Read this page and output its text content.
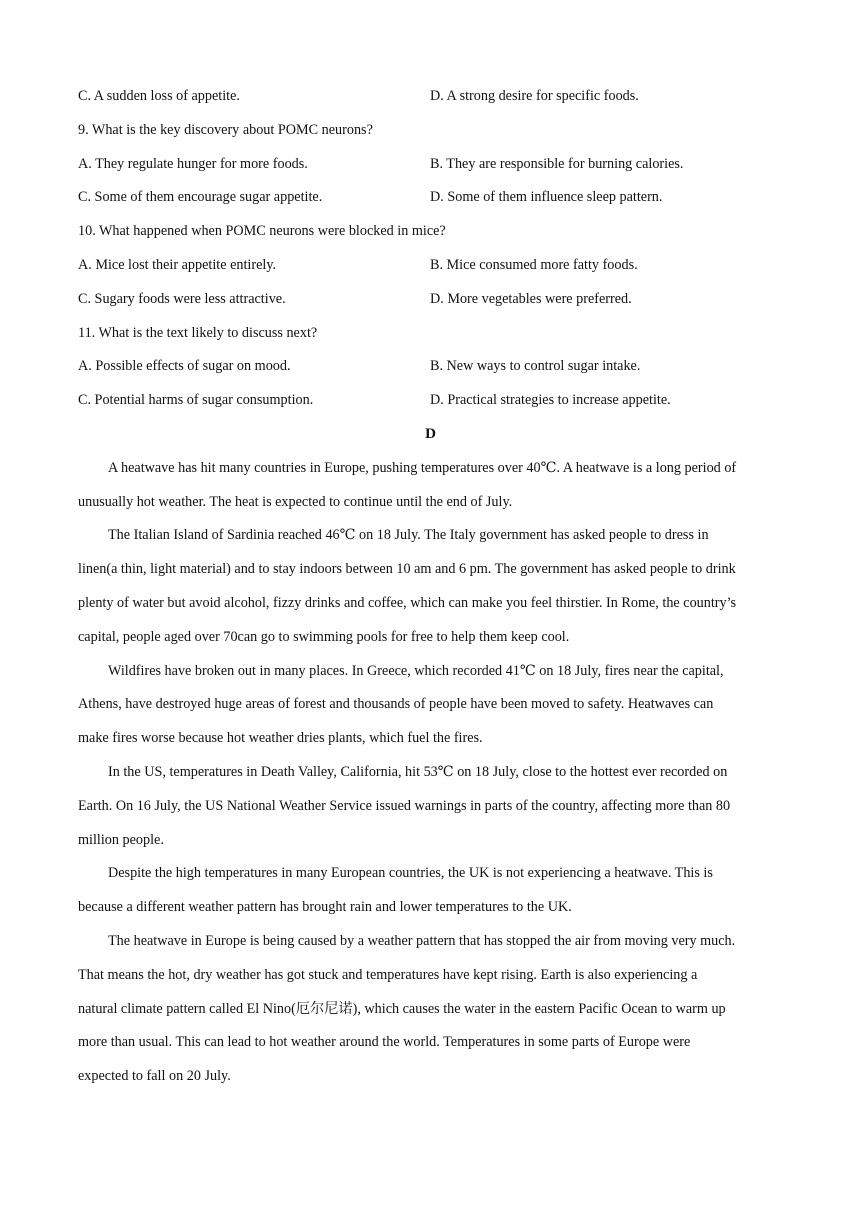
C. A sudden loss of appetite.	D. A strong desire for specific foods.
9. What is the key discovery about POMC neurons?
A. They regulate hunger for more foods.	B. They are responsible for burning calories.
C. Some of them encourage sugar appetite.	D. Some of them influence sleep pattern.
10. What happened when POMC neurons were blocked in mice?
A. Mice lost their appetite entirely.	B. Mice consumed more fatty foods.
C. Sugary foods were less attractive.	D. More vegetables were preferred.
11. What is the text likely to discuss next?
A. Possible effects of sugar on mood.	B. New ways to control sugar intake.
C. Potential harms of sugar consumption.	D. Practical strategies to increase appetite.
D
A heatwave has hit many countries in Europe, pushing temperatures over 40℃. A heatwave is a long period of
unusually hot weather. The heat is expected to continue until the end of July.
The Italian Island of Sardinia reached 46℃ on 18 July. The Italy government has asked people to dress in
linen(a thin, light material) and to stay indoors between 10 am and 6 pm. The government has asked people to drink
plenty of water but avoid alcohol, fizzy drinks and coffee, which can make you feel thirstier. In Rome, the country’s
capital, people aged over 70can go to swimming pools for free to help them keep cool.
Wildfires have broken out in many places. In Greece, which recorded 41℃ on 18 July, fires near the capital,
Athens, have destroyed huge areas of forest and thousands of people have been moved to safety. Heatwaves can
make fires worse because hot weather dries plants, which fuel the fires.
In the US, temperatures in Death Valley, California, hit 53℃ on 18 July, close to the hottest ever recorded on
Earth. On 16 July, the US National Weather Service issued warnings in parts of the country, affecting more than 80
million people.
Despite the high temperatures in many European countries, the UK is not experiencing a heatwave. This is
because a different weather pattern has brought rain and lower temperatures to the UK.
The heatwave in Europe is being caused by a weather pattern that has stopped the air from moving very much.
That means the hot, dry weather has got stuck and temperatures have kept rising. Earth is also experiencing a
natural climate pattern called El Nino(厄尔尼诺), which causes the water in the eastern Pacific Ocean to warm up
more than usual. This can lead to hot weather around the world. Temperatures in some parts of Europe were
expected to fall on 20 July.
